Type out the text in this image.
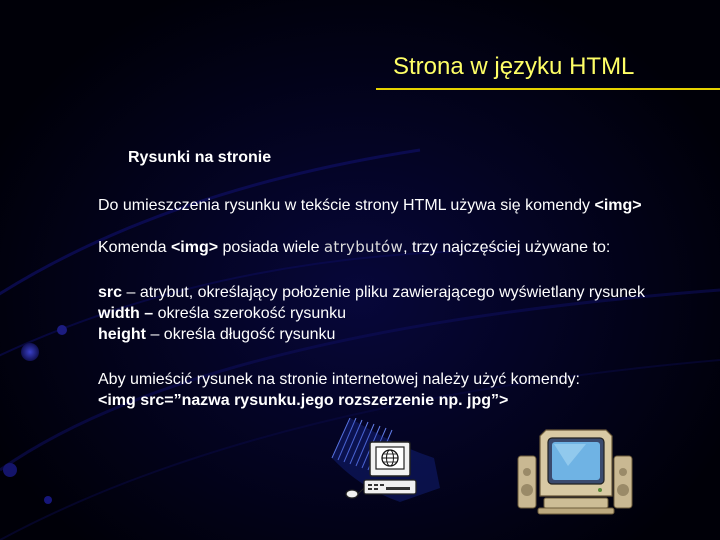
Strona w języku HTML
Rysunki na stronie
Do umieszczenia rysunku w tekście strony HTML używa się komendy <img>
Komenda <img> posiada wiele atrybutów, trzy najczęściej używane to:
src – atrybut, określający położenie pliku zawierającego wyświetlany rysunek
width – określa szerokość rysunku
height – określa długość rysunku
Aby umieścić rysunek na stronie internetowej należy użyć komendy:
<img src=”nazwa rysunku.jego rozszerzenie np. jpg”>
